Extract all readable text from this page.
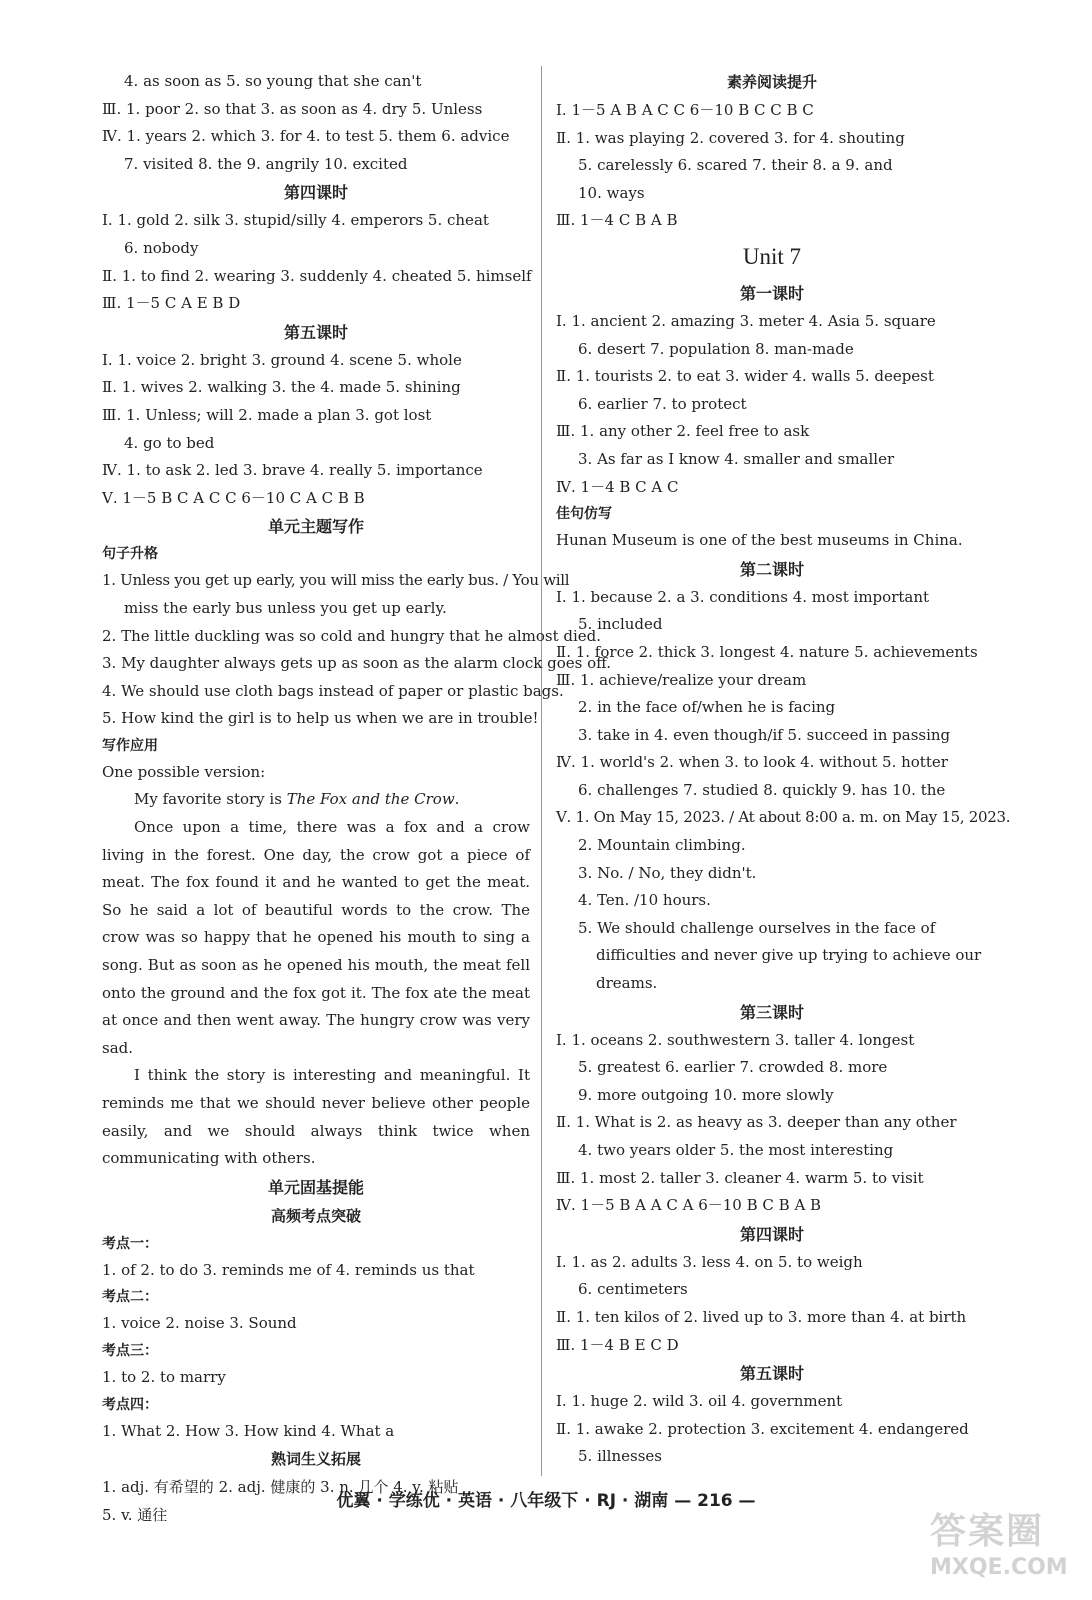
4. as soon as 5. so young that she can't
Ⅲ. 1. poor 2. so that 3. as soon as 4. dry 5. Unless
Ⅳ. 1. years 2. which 3. for 4. to test 5. them 6. advice
7. visited 8. the 9. angrily 10. excited
第四课时
Ⅰ. 1. gold 2. silk 3. stupid/silly 4. emperors 5. cheat
6. nobody
Ⅱ. 1. to find 2. wearing 3. suddenly 4. cheated 5. himself
Ⅲ. 1－5 C A E B D
第五课时
Ⅰ. 1. voice 2. bright 3. ground 4. scene 5. whole
Ⅱ. 1. wives 2. walking 3. the 4. made 5. shining
Ⅲ. 1. Unless; will 2. made a plan 3. got lost
4. go to bed
Ⅳ. 1. to ask 2. led 3. brave 4. really 5. importance
Ⅴ. 1－5 B C A C C 6－10 C A C B B
单元主题写作
句子升格
1. Unless you get up early, you will miss the early bus. / You will
miss the early bus unless you get up early.
2. The little duckling was so cold and hungry that he almost died.
3. My daughter always gets up as soon as the alarm clock goes off.
4. We should use cloth bags instead of paper or plastic bags.
5. How kind the girl is to help us when we are in trouble!
写作应用
One possible version:
My favorite story is The Fox and the Crow.
Once upon a time, there was a fox and a crow living in the forest. One day, the crow got a piece of meat. The fox found it and he wanted to get the meat. So he said a lot of beautiful words to the crow. The crow was so happy that he opened his mouth to sing a song. But as soon as he opened his mouth, the meat fell onto the ground and the fox got it. The fox ate the meat at once and then went away. The hungry crow was very sad.
I think the story is interesting and meaningful. It reminds me that we should never believe other people easily, and we should always think twice when communicating with others.
单元固基提能
高频考点突破
考点一：
1. of 2. to do 3. reminds me of 4. reminds us that
考点二：
1. voice 2. noise 3. Sound
考点三：
1. to 2. to marry
考点四：
1. What 2. How 3. How kind 4. What a
熟词生义拓展
1. adj. 有希望的 2. adj. 健康的 3. n. 几个 4. v. 粘贴
5. v. 通往
素养阅读提升
Ⅰ. 1－5 A B A C C 6－10 B C C B C
Ⅱ. 1. was playing 2. covered 3. for 4. shouting
5. carelessly 6. scared 7. their 8. a 9. and
10. ways
Ⅲ. 1－4 C B A B
Unit 7
第一课时
Ⅰ. 1. ancient 2. amazing 3. meter 4. Asia 5. square
6. desert 7. population 8. man-made
Ⅱ. 1. tourists 2. to eat 3. wider 4. walls 5. deepest
6. earlier 7. to protect
Ⅲ. 1. any other 2. feel free to ask
3. As far as I know 4. smaller and smaller
Ⅳ. 1－4 B C A C
佳句仿写
Hunan Museum is one of the best museums in China.
第二课时
Ⅰ. 1. because 2. a 3. conditions 4. most important
5. included
Ⅱ. 1. force 2. thick 3. longest 4. nature 5. achievements
Ⅲ. 1. achieve/realize your dream
2. in the face of/when he is facing
3. take in 4. even though/if 5. succeed in passing
Ⅳ. 1. world's 2. when 3. to look 4. without 5. hotter
6. challenges 7. studied 8. quickly 9. has 10. the
Ⅴ. 1. On May 15, 2023. / At about 8:00 a. m. on May 15, 2023.
2. Mountain climbing.
3. No. / No, they didn't.
4. Ten. /10 hours.
5. We should challenge ourselves in the face of difficulties and never give up trying to achieve our dreams.
第三课时
Ⅰ. 1. oceans 2. southwestern 3. taller 4. longest
5. greatest 6. earlier 7. crowded 8. more
9. more outgoing 10. more slowly
Ⅱ. 1. What is 2. as heavy as 3. deeper than any other
4. two years older 5. the most interesting
Ⅲ. 1. most 2. taller 3. cleaner 4. warm 5. to visit
Ⅳ. 1－5 B A A C A 6－10 B C B A B
第四课时
Ⅰ. 1. as 2. adults 3. less 4. on 5. to weigh
6. centimeters
Ⅱ. 1. ten kilos of 2. lived up to 3. more than 4. at birth
Ⅲ. 1－4 B E C D
第五课时
Ⅰ. 1. huge 2. wild 3. oil 4. government
Ⅱ. 1. awake 2. protection 3. excitement 4. endangered
5. illnesses
优翼 · 学练优 · 英语 · 八年级下 · RJ · 湖南 — 216 —
答案圈
MXQE.COM
